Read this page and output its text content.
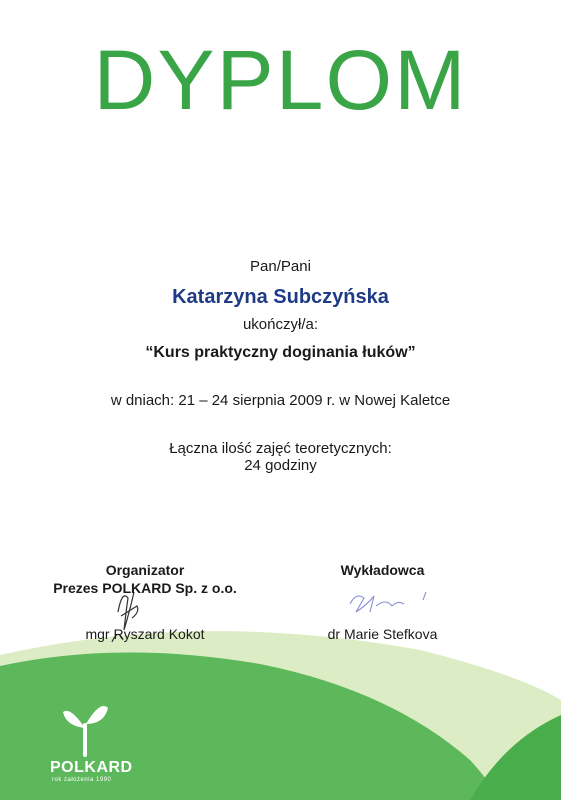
DYPLOM
Pan/Pani
Katarzyna Subczyńska
ukończył/a:
“Kurs praktyczny doginania łuków”
w dniach: 21 – 24 sierpnia 2009 r. w Nowej Kaletce
Łączna ilość zajęć teoretycznych:
24 godziny
Organizator
Prezes POLKARD Sp. z o.o.
mgr Ryszard Kokot
Wykładowca
dr Marie Stefkova
POLKARD
rok założenia 1990
